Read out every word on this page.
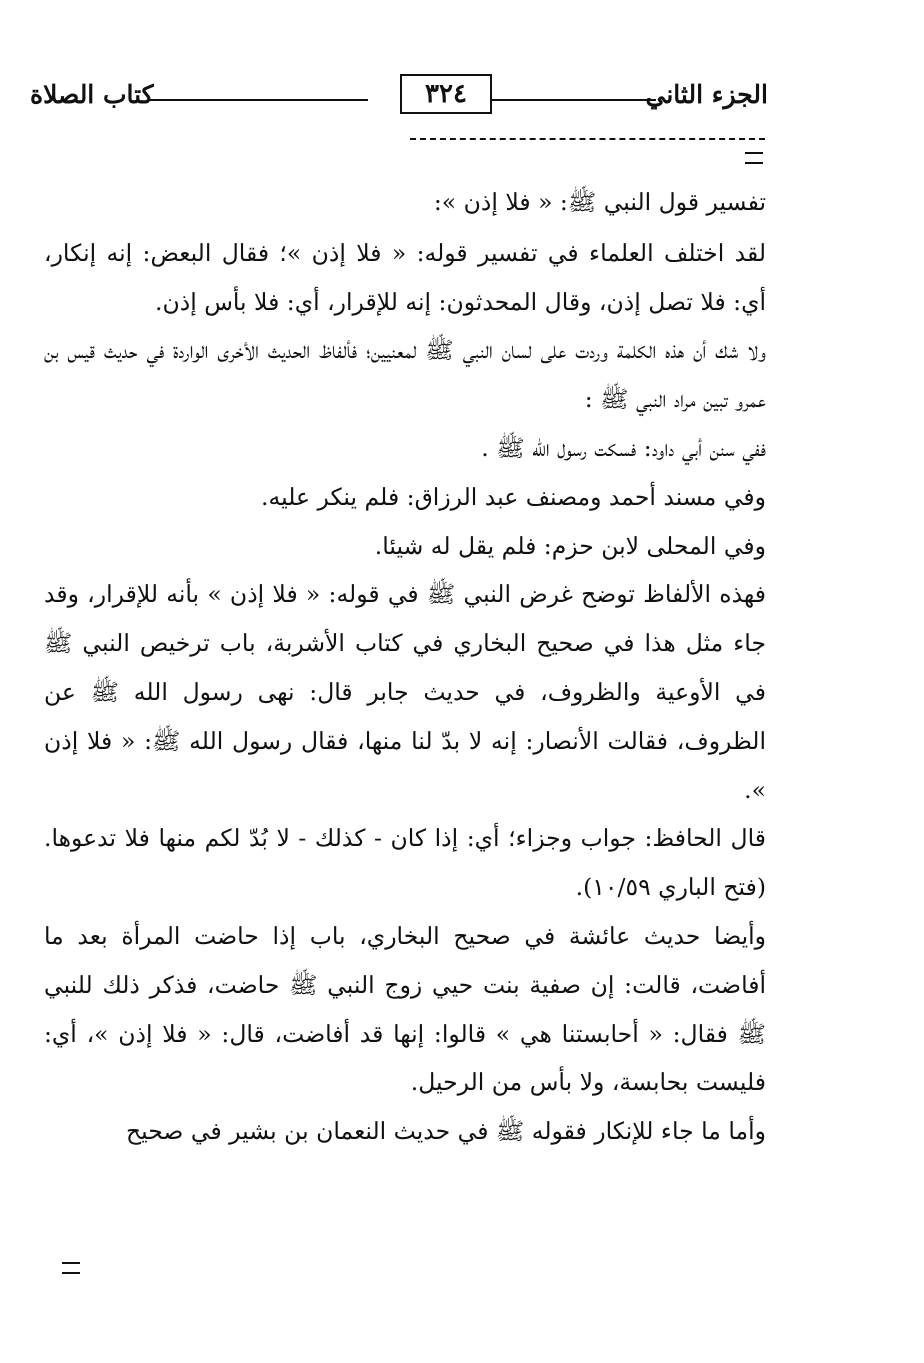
الجزء الثاني
٣٢٤
كتاب الصلاة

تفسير قول النبي ﷺ: « فلا إذن »:

لقد اختلف العلماء في تفسير قوله: « فلا إذن »؛ فقال البعض: إنه إنكار، أي: فلا تصل إذن، وقال المحدثون: إنه للإقرار، أي: فلا بأس إذن.

ولا شك أن هذه الكلمة وردت على لسان النبي ﷺ لمعنيين؛ فألفاظ الحديث الأخرى الواردة في حديث قيس بن عمرو تبين مراد النبي ﷺ :

ففي سنن أبي داود: فسكت رسول الله ﷺ .

وفي مسند أحمد ومصنف عبد الرزاق: فلم ينكر عليه.

وفي المحلى لابن حزم: فلم يقل له شيئا.

فهذه الألفاظ توضح غرض النبي ﷺ في قوله: « فلا إذن » بأنه للإقرار، وقد جاء مثل هذا في صحيح البخاري في كتاب الأشربة، باب ترخيص النبي ﷺ في الأوعية والظروف، في حديث جابر قال: نهى رسول الله ﷺ عن الظروف، فقالت الأنصار: إنه لا بدّ لنا منها، فقال رسول الله ﷺ: « فلا إذن ».

قال الحافظ: جواب وجزاء؛ أي: إذا كان - كذلك - لا بُدّ لكم منها فلا تدعوها. (فتح الباري ١٠/٥٩).

وأيضا حديث عائشة في صحيح البخاري، باب إذا حاضت المرأة بعد ما أفاضت، قالت: إن صفية بنت حيي زوج النبي ﷺ حاضت، فذكر ذلك للنبي ﷺ فقال: « أحابستنا هي » قالوا: إنها قد أفاضت، قال: « فلا إذن »، أي: فليست بحابسة، ولا بأس من الرحيل.

وأما ما جاء للإنكار فقوله ﷺ في حديث النعمان بن بشير في صحيح
